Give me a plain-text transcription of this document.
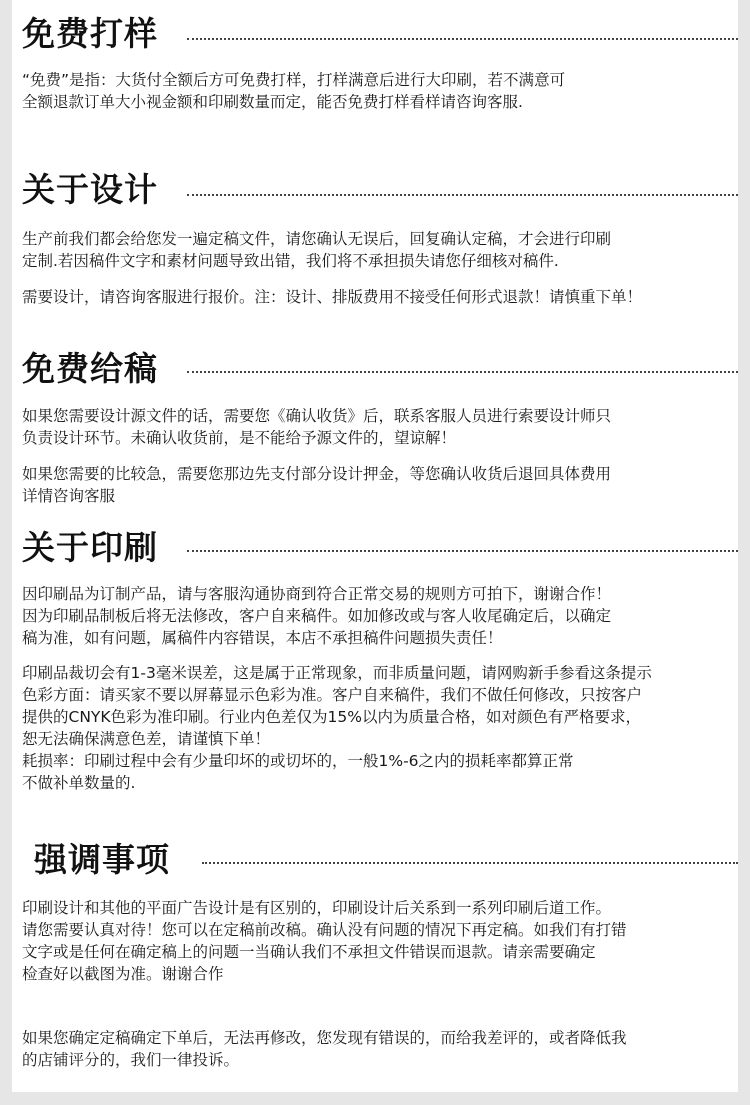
免费打样
“免费”是指：大货付全额后方可免费打样，打样满意后进行大印刷，若不满意可
全额退款订单大小视金额和印刷数量而定，能否免费打样看样请咨询客服.
关于设计
生产前我们都会给您发一遍定稿文件，请您确认无误后，回复确认定稿，才会进行印刷
定制.若因稿件文字和素材问题导致出错，我们将不承担损失请您仔细核对稿件.
需要设计，请咨询客服进行报价。注：设计、排版费用不接受任何形式退款！请慎重下单！
免费给稿
如果您需要设计源文件的话，需要您《确认收货》后，联系客服人员进行索要设计师只
负责设计环节。未确认收货前，是不能给予源文件的，望谅解！
如果您需要的比较急，需要您那边先支付部分设计押金，等您确认收货后退回具体费用
详情咨询客服
关于印刷
因印刷品为订制产品，请与客服沟通协商到符合正常交易的规则方可拍下，谢谢合作！
因为印刷品制板后将无法修改，客户自来稿件。如加修改或与客人收尾确定后，以确定
稿为准，如有问题，属稿件内容错误，本店不承担稿件问题损失责任！
印刷品裁切会有1-3毫米误差，这是属于正常现象，而非质量问题，请网购新手参看这条提示
色彩方面：请买家不要以屏幕显示色彩为准。客户自来稿件，我们不做任何修改，只按客户
提供的CNYK色彩为准印刷。行业内色差仅为15%以内为质量合格，如对颜色有严格要求，
恕无法确保满意色差，请谨慎下单！
耗损率：印刷过程中会有少量印坏的或切坏的，一般1%-6之内的损耗率都算正常
不做补单数量的.
强调事项
印刷设计和其他的平面广告设计是有区别的，印刷设计后关系到一系列印刷后道工作。
请您需要认真对待！您可以在定稿前改稿。确认没有问题的情况下再定稿。如我们有打错
文字或是任何在确定稿上的问题一当确认我们不承担文件错误而退款。请亲需要确定
检查好以截图为准。谢谢合作
如果您确定定稿确定下单后，无法再修改，您发现有错误的，而给我差评的，或者降低我
的店铺评分的，我们一律投诉。
